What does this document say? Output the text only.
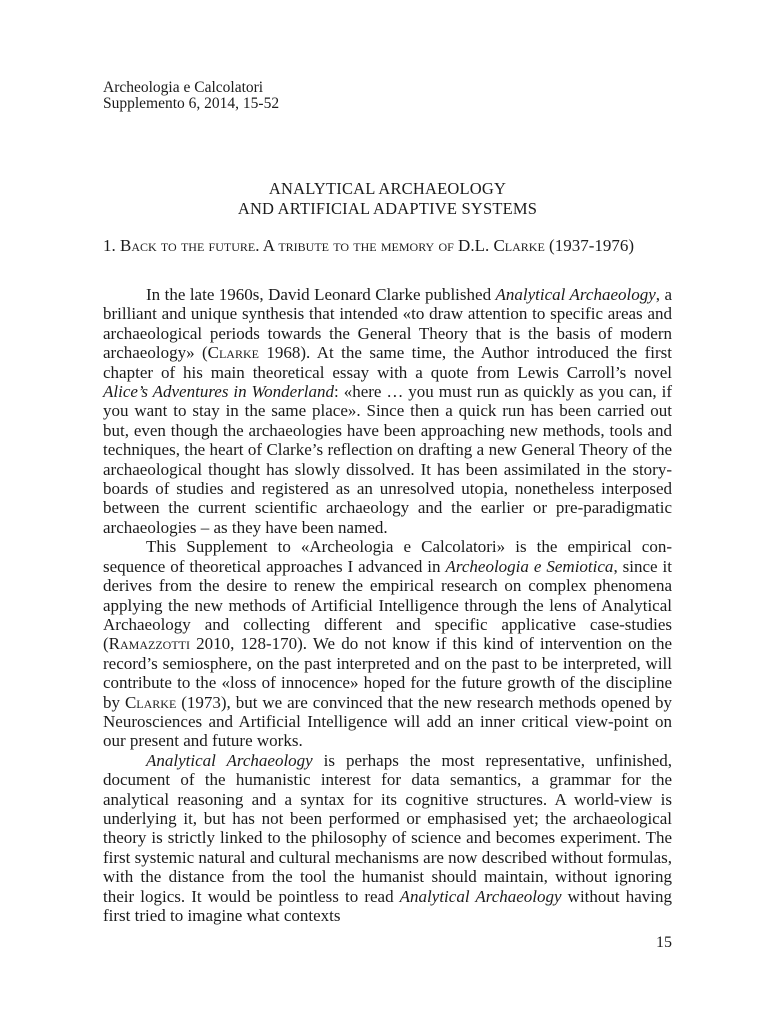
Archeologia e Calcolatori
Supplemento 6, 2014, 15-52
ANALYTICAL ARCHAEOLOGY
AND ARTIFICIAL ADAPTIVE SYSTEMS
1. Back to the future. A tribute to the memory of D.L. Clarke (1937-1976)

In the late 1960s, David Leonard Clarke published Analytical Archaeology, a brilliant and unique synthesis that intended «to draw attention to specific areas and archaeological periods towards the General Theory that is the basis of modern archaeology» (Clarke 1968). At the same time, the Author introduced the first chapter of his main theoretical essay with a quote from Lewis Carroll’s novel Alice’s Adventures in Wonderland: «here … you must run as quickly as you can, if you want to stay in the same place». Since then a quick run has been carried out but, even though the archaeologies have been approaching new methods, tools and techniques, the heart of Clarke’s reflection on drafting a new General Theory of the archaeological thought has slowly dissolved. It has been assimilated in the story-boards of studies and registered as an unresolved utopia, nonetheless interposed between the current scientific archaeology and the earlier or pre-paradigmatic archaeologies – as they have been named.

This Supplement to «Archeologia e Calcolatori» is the empirical consequence of theoretical approaches I advanced in Archeologia e Semiotica, since it derives from the desire to renew the empirical research on complex phenomena applying the new methods of Artificial Intelligence through the lens of Analytical Archaeology and collecting different and specific applicative case-studies (Ramazzotti 2010, 128-170). We do not know if this kind of intervention on the record’s semiosphere, on the past interpreted and on the past to be interpreted, will contribute to the «loss of innocence» hoped for the future growth of the discipline by Clarke (1973), but we are convinced that the new research methods opened by Neurosciences and Artificial Intelligence will add an inner critical view-point on our present and future works.

Analytical Archaeology is perhaps the most representative, unfinished, document of the humanistic interest for data semantics, a grammar for the analytical reasoning and a syntax for its cognitive structures. A world-view is underlying it, but has not been performed or emphasised yet; the archaeological theory is strictly linked to the philosophy of science and becomes experiment. The first systemic natural and cultural mechanisms are now described without formulas, with the distance from the tool the humanist should maintain, without ignoring their logics. It would be pointless to read Analytical Archaeology without having first tried to imagine what contexts

15
